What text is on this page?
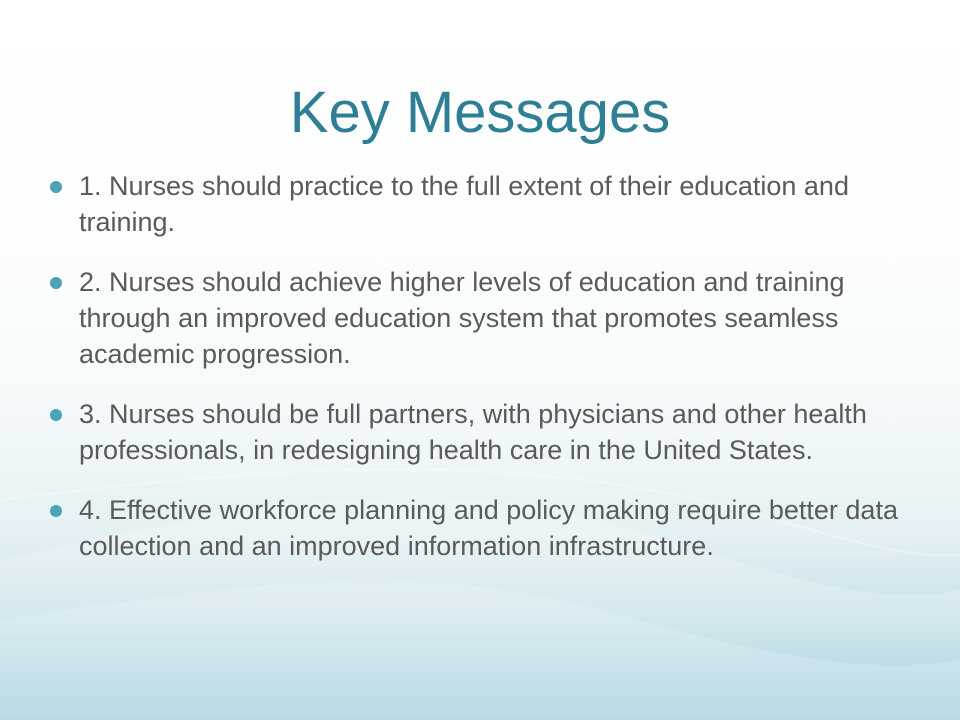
Key Messages
1. Nurses should practice to the full extent of their education and training.
2. Nurses should achieve higher levels of education and training through an improved education system that promotes seamless academic progression.
3. Nurses should be full partners, with physicians and other health professionals, in redesigning health care in the United States.
4. Effective workforce planning and policy making require better data collection and an improved information infrastructure.
